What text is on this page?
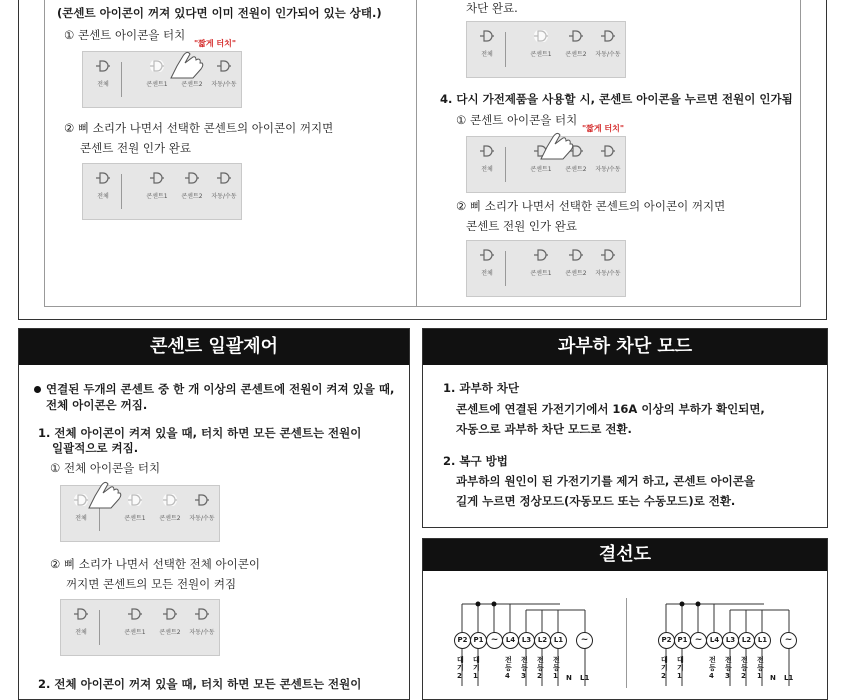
(콘센트 아이콘이 꺼져 있다면 이미 전원이 인가되어 있는 상태.)
① 콘센트 아이콘을 터치
"짧게 터치"
전체	콘센트1	콘센트2	자동/수동
② 삐 소리가 나면서 선택한 콘센트의 아이콘이 꺼지면
콘센트 전원 인가 완료
전체	콘센트1	콘센트2	자동/수동
차단 완료.
전체	콘센트1	콘센트2	자동/수동
4. 다시 가전제품을 사용할 시, 콘센트 아이콘을 누르면 전원이 인가됨
① 콘센트 아이콘을 터치
"짧게 터치"
전체	콘센트1	콘센트2	자동/수동
② 삐 소리가 나면서 선택한 콘센트의 아이콘이 꺼지면
콘센트 전원 인가 완료
전체	콘센트1	콘센트2	자동/수동
콘센트 일괄제어
연결된 두개의 콘센트 중 한 개 이상의 콘센트에 전원이 켜져 있을 때,
전체 아이콘은 꺼짐.
1. 전체 아이콘이 켜져 있을 때, 터치 하면 모든 콘센트는 전원이
일괄적으로 켜짐.
① 전체 아이콘을 터치
전체	콘센트1	콘센트2	자동/수동
② 삐 소리가 나면서 선택한 전체 아이콘이
꺼지면 콘센트의 모든 전원이 켜짐
전체	콘센트1	콘센트2	자동/수동
2. 전체 아이콘이 꺼져 있을 때, 터치 하면 모든 콘센트는 전원이
과부하 차단 모드
1. 과부하 차단
콘센트에 연결된 가전기기에서 16A 이상의 부하가 확인되면,
자동으로 과부하 차단 모드로 전환.
2. 복구 방법
과부하의 원인이 된 가전기기를 제거 하고, 콘센트 아이콘을
길게 누르면 정상모드(자동모드 또는 수동모드)로 전환.
결선도
P2 P1 ~	L4 L3 L2 L1	~	P2 P1 ~	L4 L3 L2 L1	~
대기2
대기1
전등4
전등3
전등2
전등1	N L1
대기2
대기1
전등4
전등3
전등2
전등1	N L1
